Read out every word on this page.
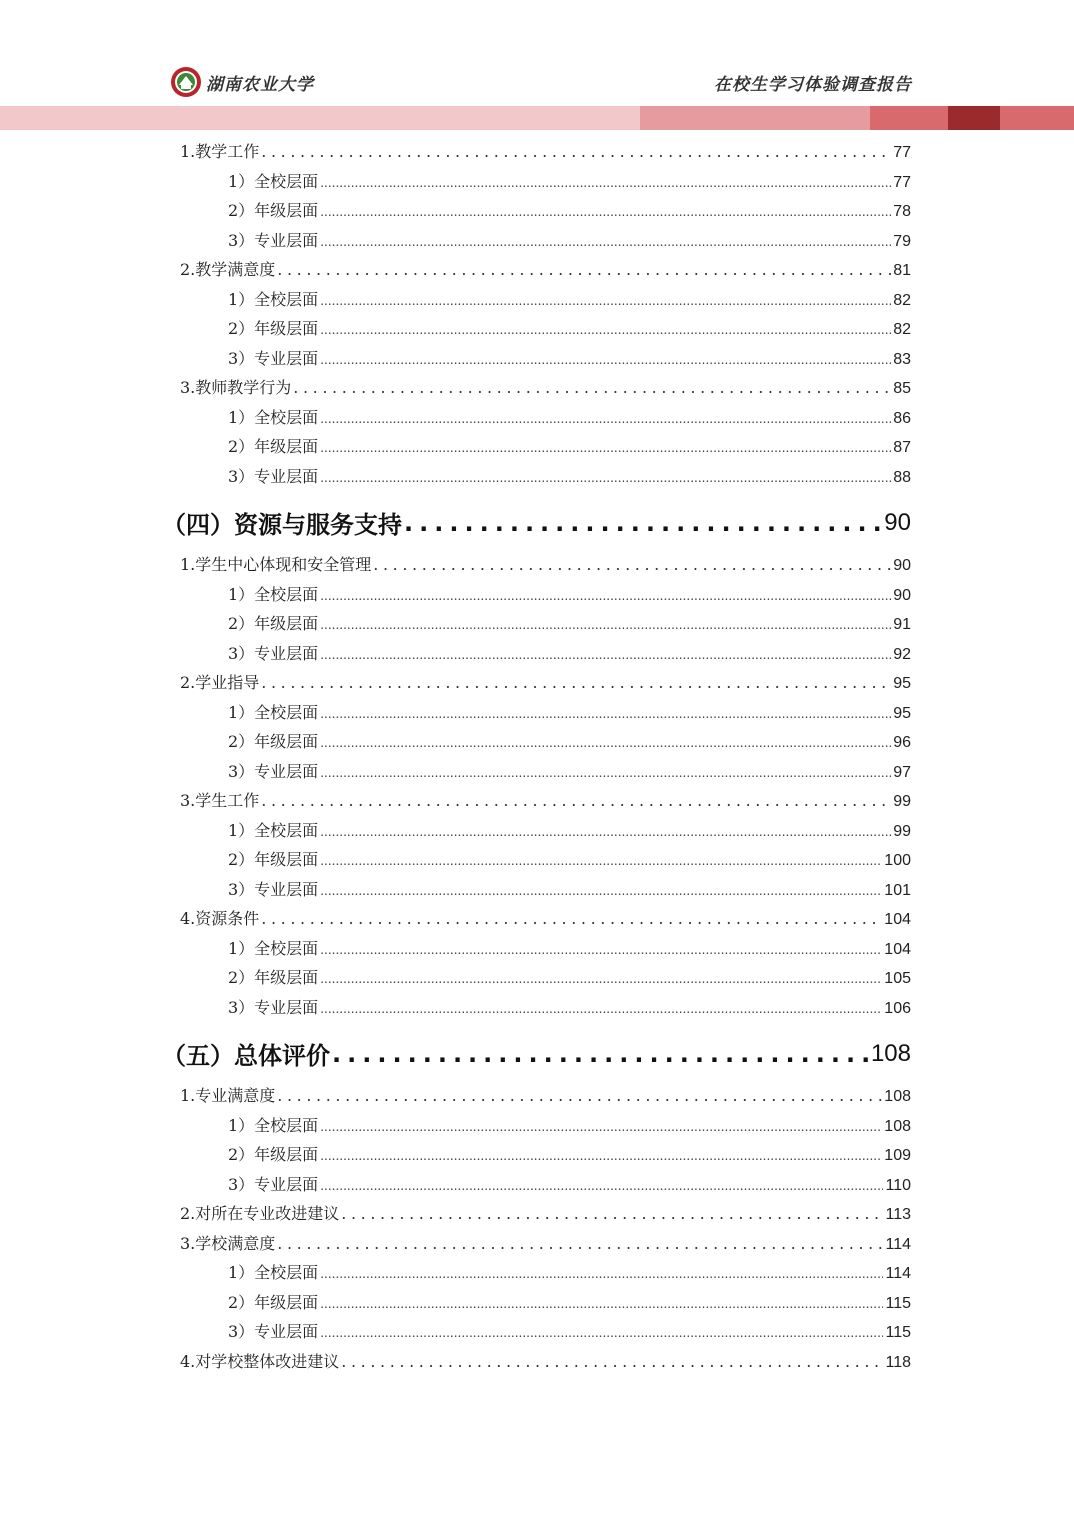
湖南农业大学	在校生学习体验调查报告
1. 教学工作 .....	77
1）全校层面 .....	77
2）年级层面 .....	78
3）专业层面 .....	79
2. 教学满意度 .....	81
1）全校层面 .....	82
2）年级层面 .....	82
3）专业层面 .....	83
3. 教师教学行为 .....	85
1）全校层面 .....	86
2）年级层面 .....	87
3）专业层面 .....	88
（四） 资源与服务支持 .....	90
1. 学生中心体现和安全管理 .....	90
1）全校层面 .....	90
2）年级层面 .....	91
3）专业层面 .....	92
2. 学业指导 .....	95
1）全校层面 .....	95
2）年级层面 .....	96
3）专业层面 .....	97
3. 学生工作 .....	99
1）全校层面 .....	99
2）年级层面 .....	100
3）专业层面 .....	101
4. 资源条件 .....	104
1）全校层面 .....	104
2）年级层面 .....	105
3）专业层面 .....	106
（五） 总体评价 .....	108
1. 专业满意度 .....	108
1）全校层面 .....	108
2）年级层面 .....	109
3）专业层面 .....	110
2. 对所在专业改进建议 .....	113
3. 学校满意度 .....	114
1）全校层面 .....	114
2）年级层面 .....	115
3）专业层面 .....	115
4. 对学校整体改进建议 .....	118
